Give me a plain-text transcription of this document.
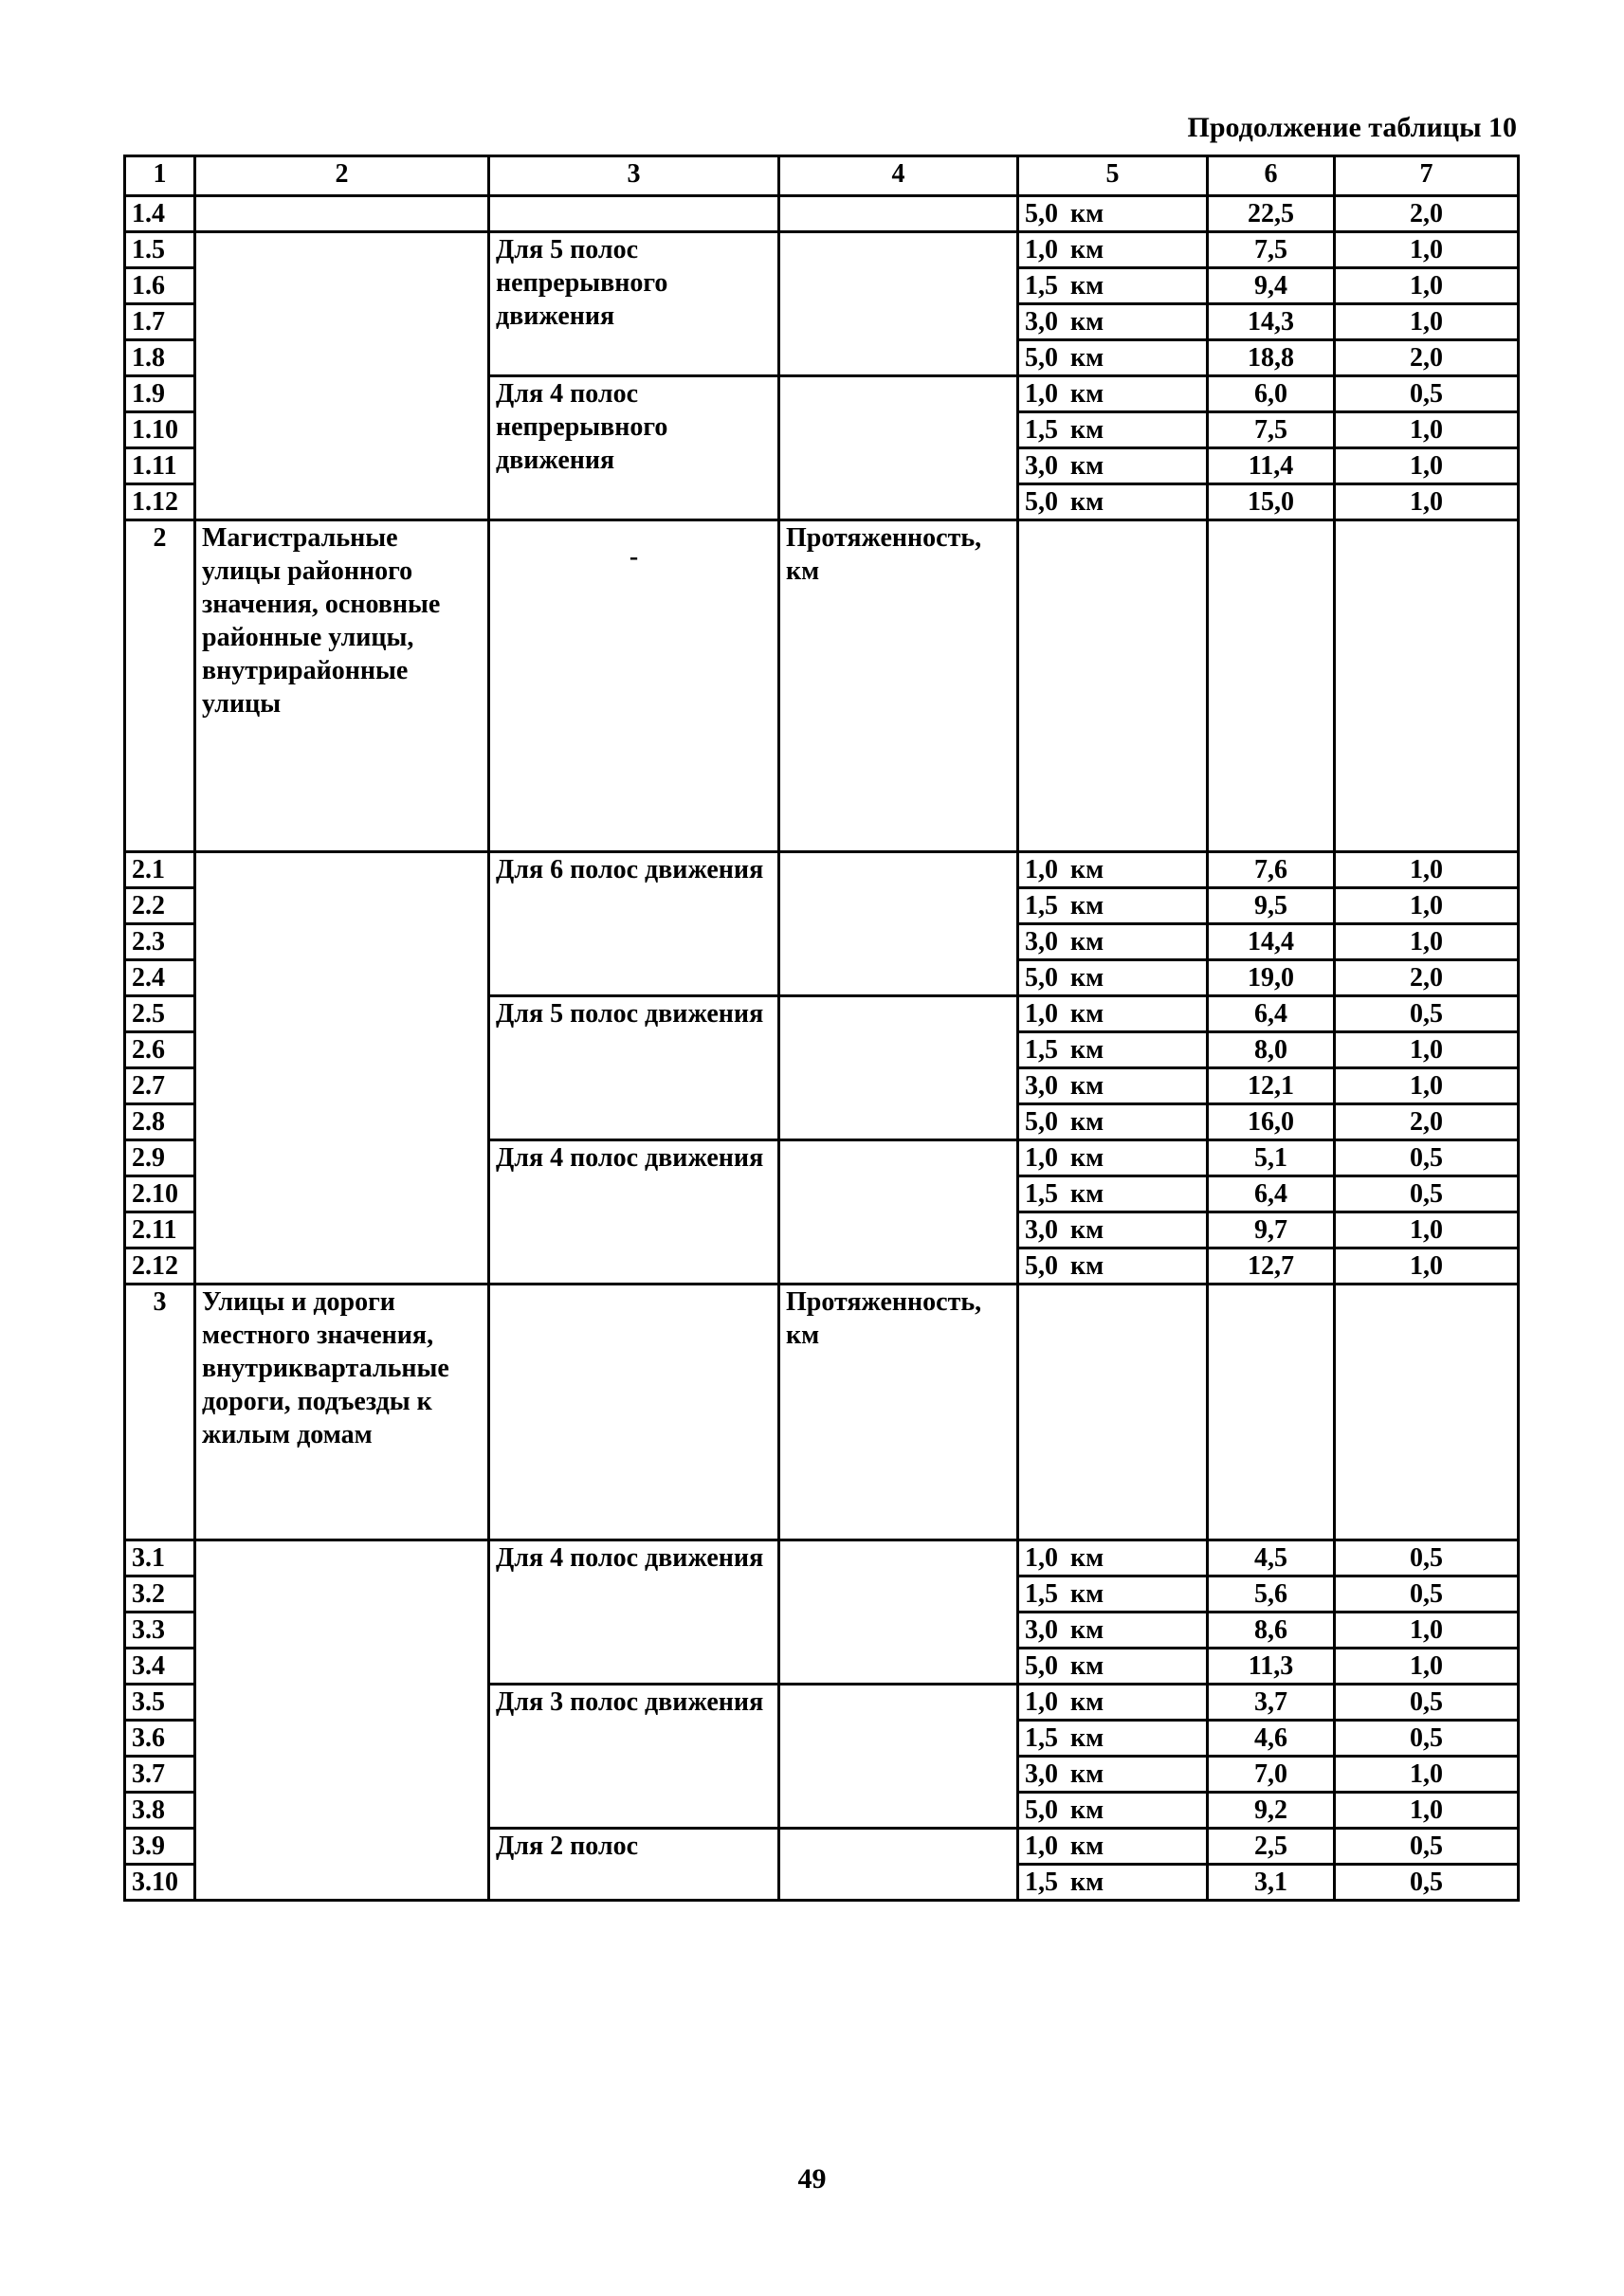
Продолжение таблицы 10
1	2	3	4	5	6	7
1.4				5,0 км	22,5	2,0
1.5		Для 5 полос непрерывного движения		1,0 км	7,5	1,0
1.6				1,5 км	9,4	1,0
1.7				3,0 км	14,3	1,0
1.8				5,0 км	18,8	2,0
1.9		Для 4 полос непрерывного движения		1,0 км	6,0	0,5
1.10				1,5 км	7,5	1,0
1.11				3,0 км	11,4	1,0
1.12				5,0 км	15,0	1,0
2	Магистральные улицы районного значения, основные районные улицы, внутрирайонные улицы	-	Протяженность, км			
2.1		Для 6 полос движения		1,0 км	7,6	1,0
2.2				1,5 км	9,5	1,0
2.3				3,0 км	14,4	1,0
2.4				5,0 км	19,0	2,0
2.5		Для 5 полос движения		1,0 км	6,4	0,5
2.6				1,5 км	8,0	1,0
2.7				3,0 км	12,1	1,0
2.8				5,0 км	16,0	2,0
2.9		Для 4 полос движения		1,0 км	5,1	0,5
2.10				1,5 км	6,4	0,5
2.11				3,0 км	9,7	1,0
2.12				5,0 км	12,7	1,0
3	Улицы и дороги местного значения, внутриквартальные дороги, подъезды к жилым домам		Протяженность, км			
3.1		Для 4 полос движения		1,0 км	4,5	0,5
3.2				1,5 км	5,6	0,5
3.3				3,0 км	8,6	1,0
3.4				5,0 км	11,3	1,0
3.5		Для 3 полос движения		1,0 км	3,7	0,5
3.6				1,5 км	4,6	0,5
3.7				3,0 км	7,0	1,0
3.8				5,0 км	9,2	1,0
3.9		Для 2 полос		1,0 км	2,5	0,5
3.10				1,5 км	3,1	0,5
49
